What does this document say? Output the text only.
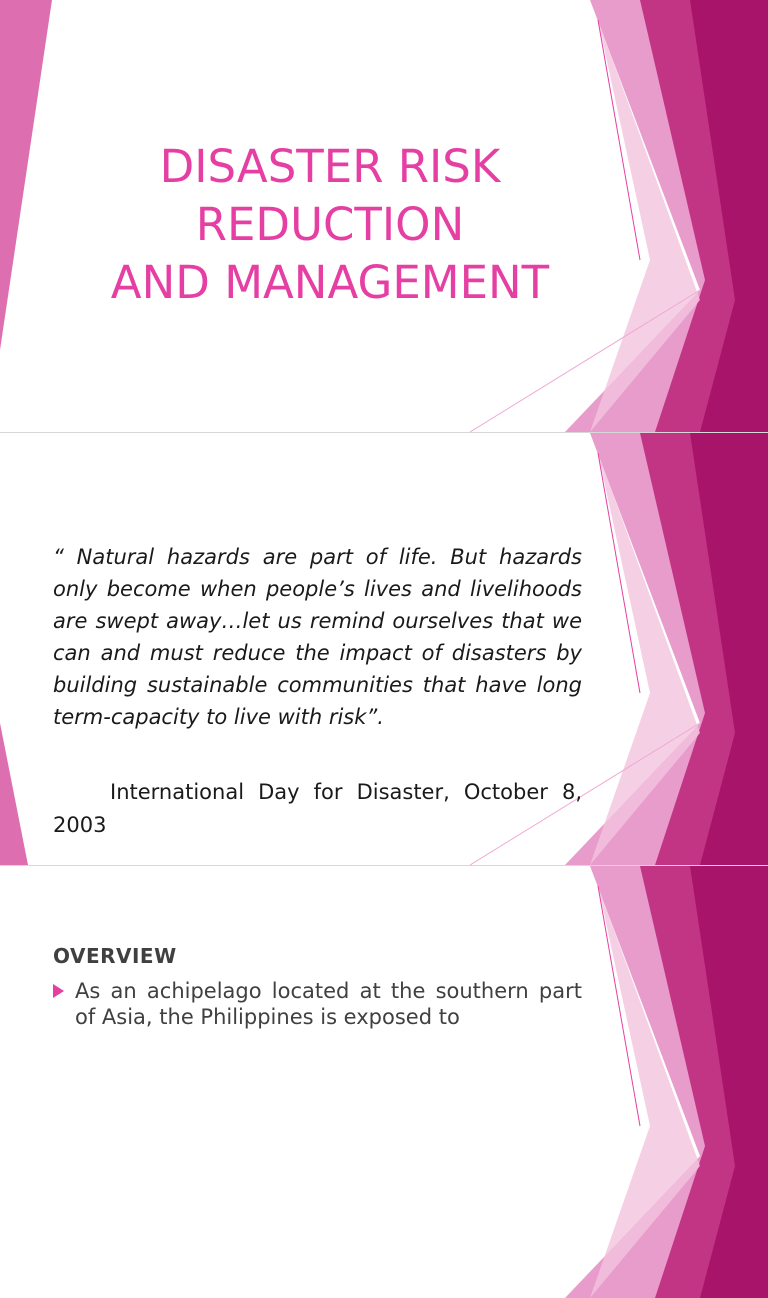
DISASTER RISK
REDUCTION
AND MANAGEMENT
“ Natural hazards are part of life. But hazards only become when people’s lives and livelihoods are swept away…let us remind ourselves that we can and must reduce the impact of disasters by building sustainable communities that have long term-capacity to live with risk”.
International Day for Disaster, October 8, 2003
OVERVIEW
As an achipelago located at the southern part of Asia, the Philippines is exposed to
